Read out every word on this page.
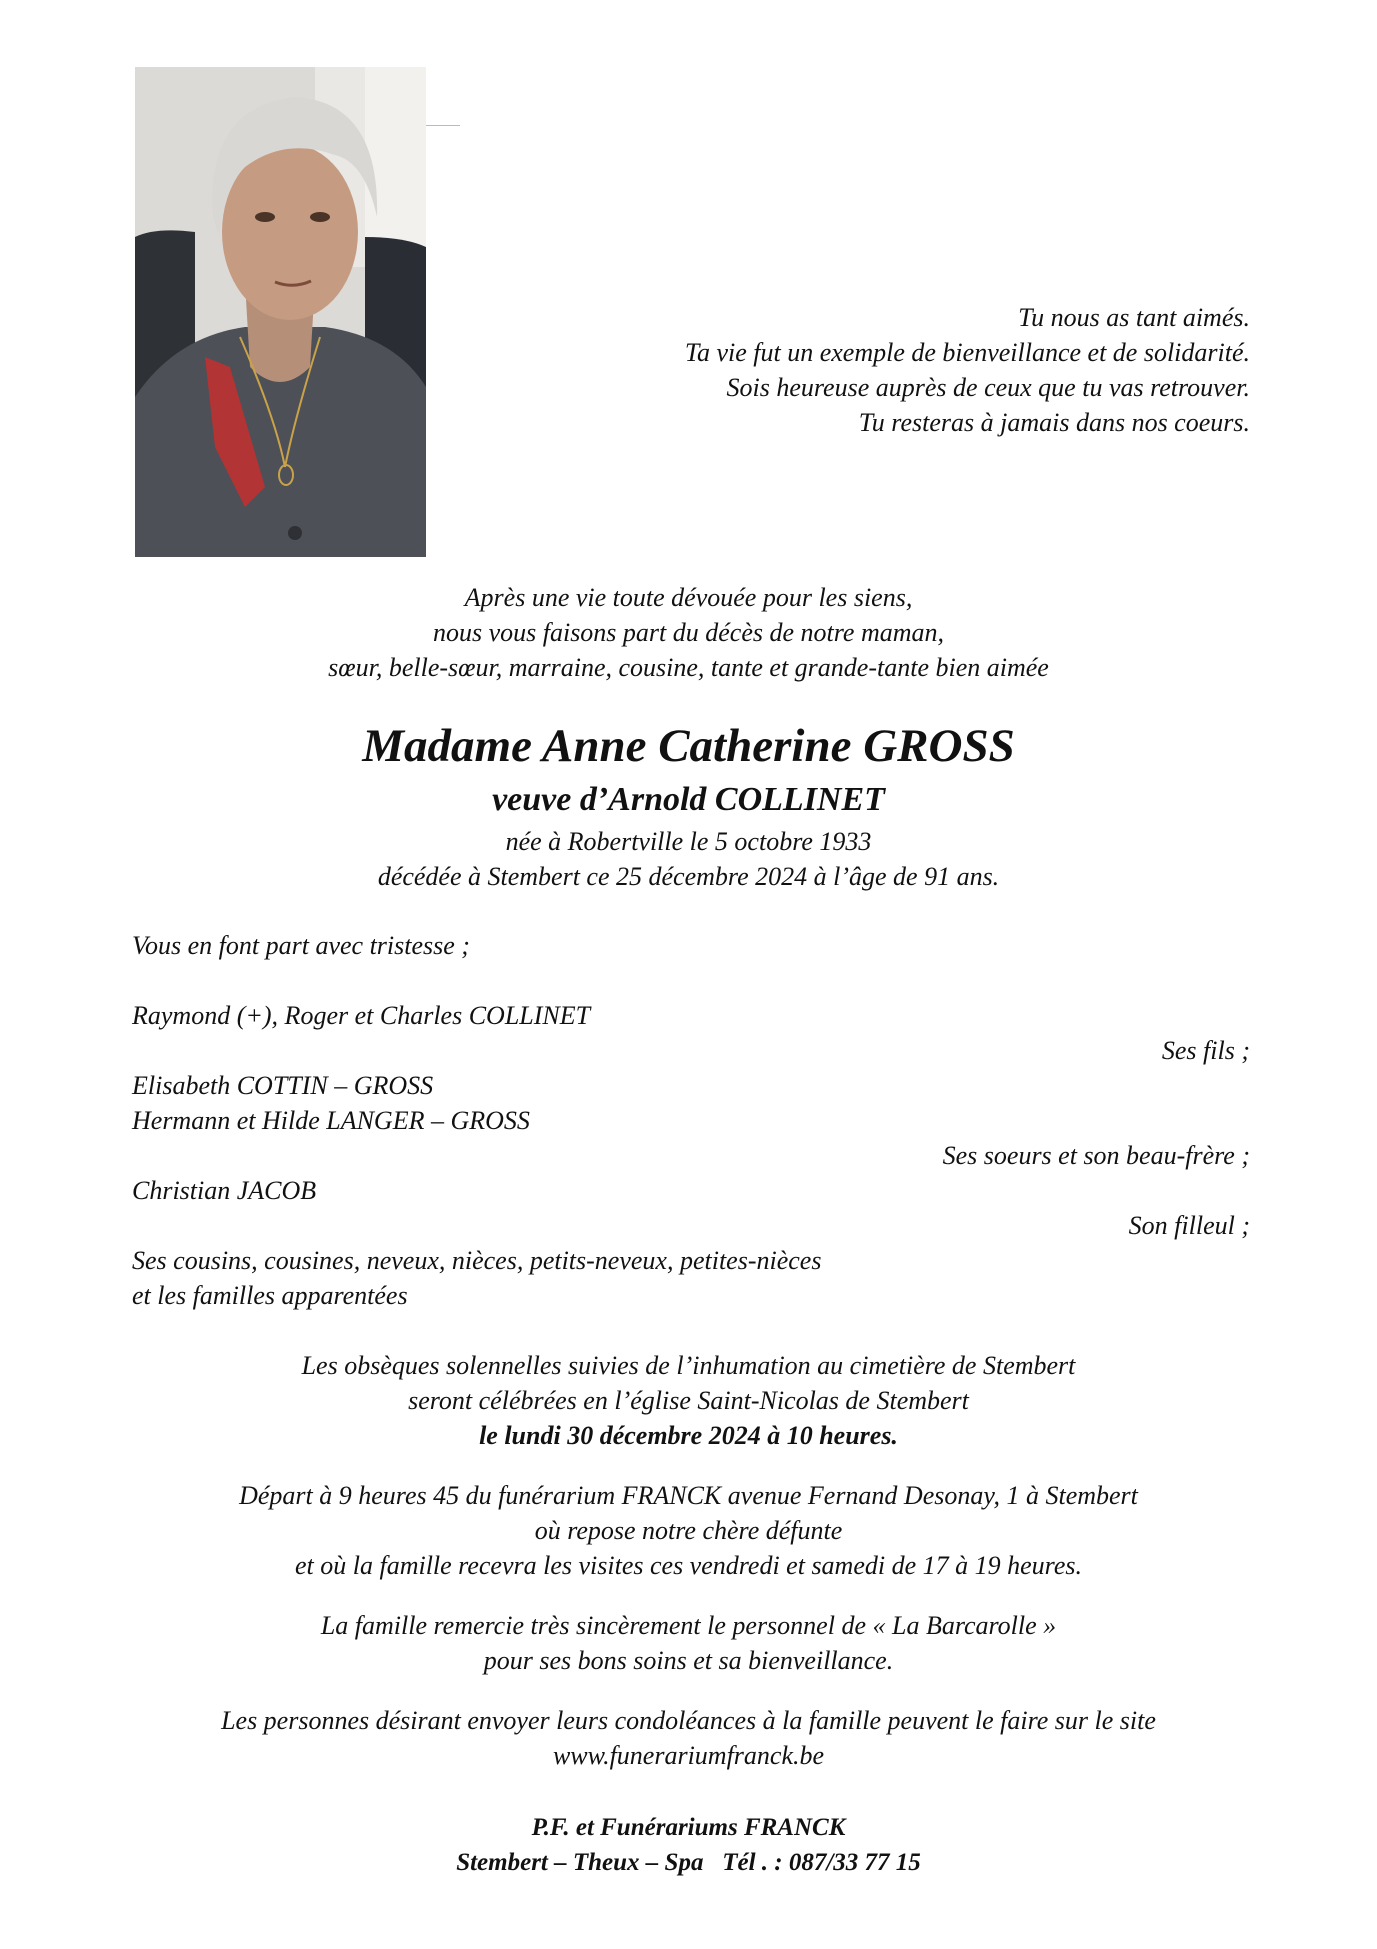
Tu nous as tant aimés.
Ta vie fut un exemple de bienveillance et de solidarité.
Sois heureuse auprès de ceux que tu vas retrouver.
Tu resteras à jamais dans nos coeurs.
Après une vie toute dévouée pour les siens,
nous vous faisons part du décès de notre maman,
sœur, belle-sœur, marraine, cousine, tante et grande-tante bien aimée
Madame Anne Catherine GROSS
veuve d’Arnold COLLINET
née à Robertville le 5 octobre 1933
décédée à Stembert ce 25 décembre 2024 à l’âge de 91 ans.
Vous en font part avec tristesse ;
Raymond (+), Roger et Charles COLLINET
Ses fils ;
Elisabeth COTTIN – GROSS
Hermann et Hilde LANGER – GROSS
Ses soeurs et son beau-frère ;
Christian JACOB
Son filleul ;
Ses cousins, cousines, neveux, nièces, petits-neveux, petites-nièces
et les familles apparentées
Les obsèques solennelles suivies de l’inhumation au cimetière de Stembert
seront célébrées en l’église Saint-Nicolas de Stembert
le lundi 30 décembre 2024 à 10 heures.
Départ à 9 heures 45 du funérarium FRANCK avenue Fernand Desonay, 1 à Stembert
où repose notre chère défunte
et où la famille recevra les visites ces vendredi et samedi de 17 à 19 heures.
La famille remercie très sincèrement le personnel de « La Barcarolle »
pour ses bons soins et sa bienveillance.
Les personnes désirant envoyer leurs condoléances à la famille peuvent le faire sur le site
www.funerariumfranck.be
P.F. et Funérariums FRANCK
Stembert – Theux – Spa Tél . : 087/33 77 15
